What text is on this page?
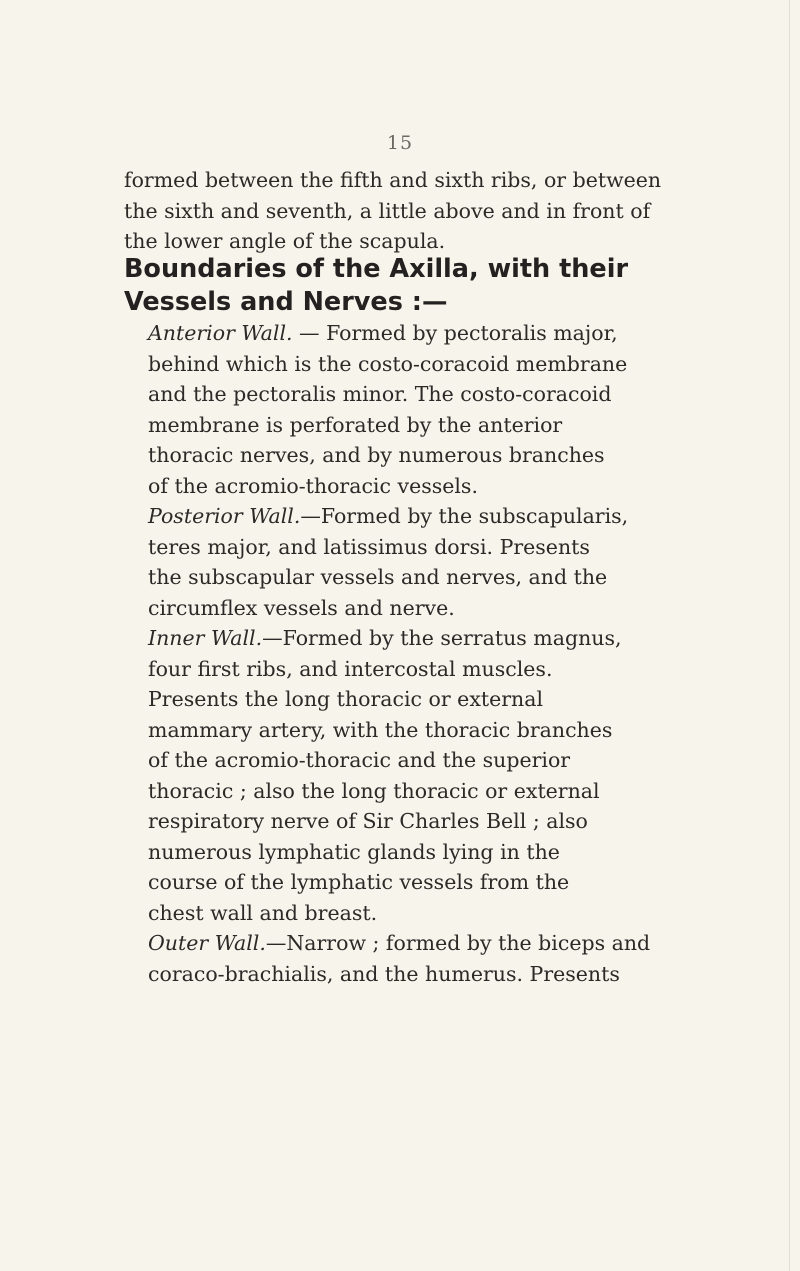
15
formed between the fifth and sixth ribs, or between
the sixth and seventh, a little above and in front of
the lower angle of the scapula.
Boundaries of the Axilla, with their
Vessels and Nerves :—
Anterior Wall. — Formed by pectoralis major,
behind which is the costo-coracoid membrane
and the pectoralis minor. The costo-coracoid
membrane is perforated by the anterior
thoracic nerves, and by numerous branches
of the acromio-thoracic vessels.
Posterior Wall.—Formed by the subscapularis,
teres major, and latissimus dorsi. Presents
the subscapular vessels and nerves, and the
circumflex vessels and nerve.
Inner Wall.—Formed by the serratus magnus,
four first ribs, and intercostal muscles.
Presents the long thoracic or external
mammary artery, with the thoracic branches
of the acromio-thoracic and the superior
thoracic ; also the long thoracic or external
respiratory nerve of Sir Charles Bell ; also
numerous lymphatic glands lying in the
course of the lymphatic vessels from the
chest wall and breast.
Outer Wall.—Narrow ; formed by the biceps and
coraco-brachialis, and the humerus. Presents
